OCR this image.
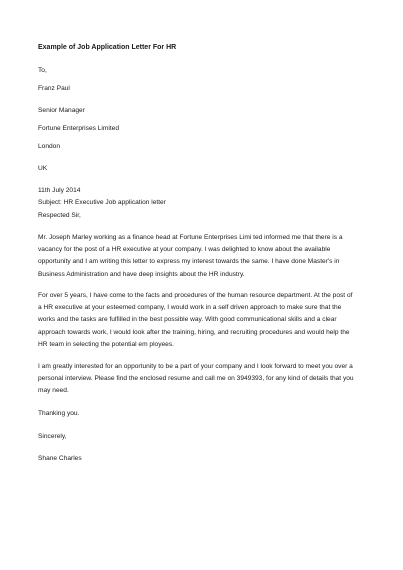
Example of Job Application Letter For HR
To,
Franz Paul
Senior Manager
Fortune Enterprises Limited
London
UK
11th July 2014
Subject: HR Executive Job application letter
Respected Sir,
Mr. Joseph Marley working as a finance head at Fortune Enterprises Limi ted informed me that there is a
vacancy for the post of a HR executive at your company. I was delighted to know about the available
opportunity and I am writing this letter to express my interest towards the same. I have done Master's in
Business Administration and have deep insights about the HR industry.
For over 5 years, I have come to the facts and procedures of the human resource department. At the post of
a HR executive at your esteemed company, I would work in a self driven approach to make sure that the
works and the tasks are fulfilled in the best possible way. With good communicational skills and a clear
approach towards work, I would look after the training, hiring, and recruiting procedures and would help the
HR team in selecting the potential em ployees.
I am greatly interested for an opportunity to be a part of your company and I look forward to meet you over a
personal interview. Please find the enclosed resume and call me on 3949393, for any kind of details that you
may need.
Thanking you.
Sincerely,
Shane Charles
